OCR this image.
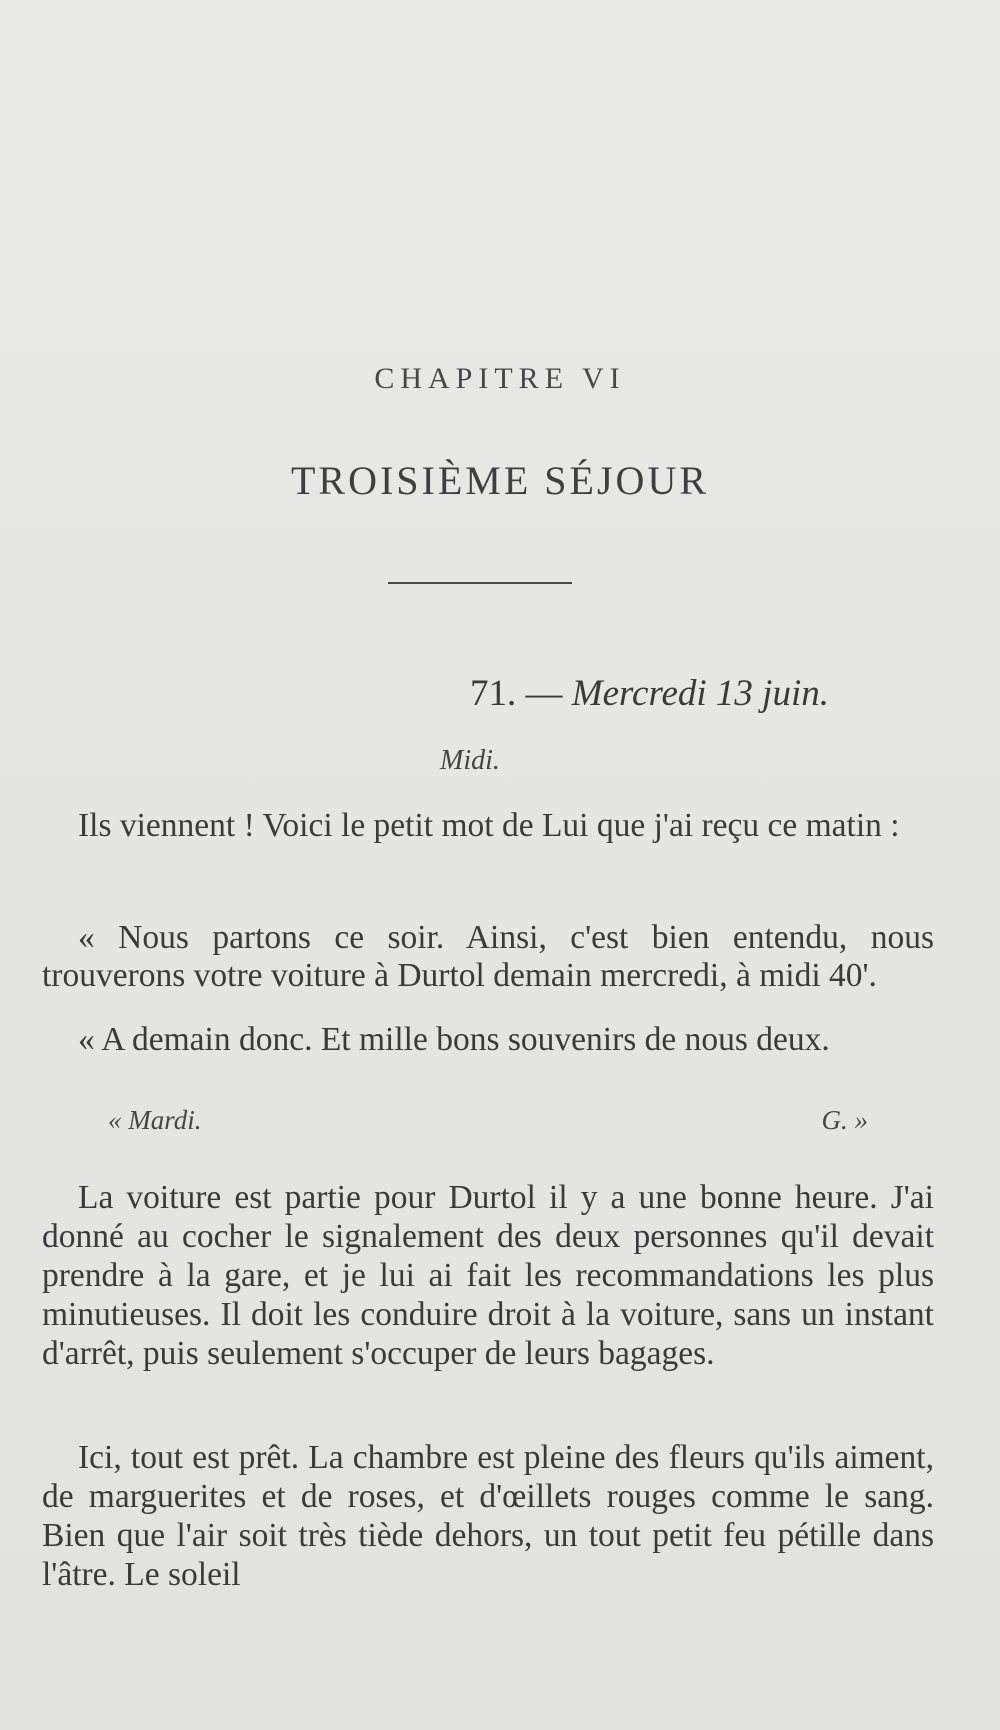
CHAPITRE VI
TROISIÈME SÉJOUR
71. — Mercredi 13 juin.
Midi.

Ils viennent ! Voici le petit mot de Lui que j'ai reçu ce matin :

« Nous partons ce soir. Ainsi, c'est bien entendu, nous trouverons votre voiture à Durtol demain mercredi, à midi 40'.

« A demain donc. Et mille bons souvenirs de nous deux.

« Mardi.	G. »

La voiture est partie pour Durtol il y a une bonne heure. J'ai donné au cocher le signalement des deux personnes qu'il devait prendre à la gare, et je lui ai fait les recommandations les plus minutieuses. Il doit les conduire droit à la voiture, sans un instant d'arrêt, puis seulement s'occuper de leurs bagages.

Ici, tout est prêt. La chambre est pleine des fleurs qu'ils aiment, de marguerites et de roses, et d'œillets rouges comme le sang. Bien que l'air soit très tiède dehors, un tout petit feu pétille dans l'âtre. Le soleil
